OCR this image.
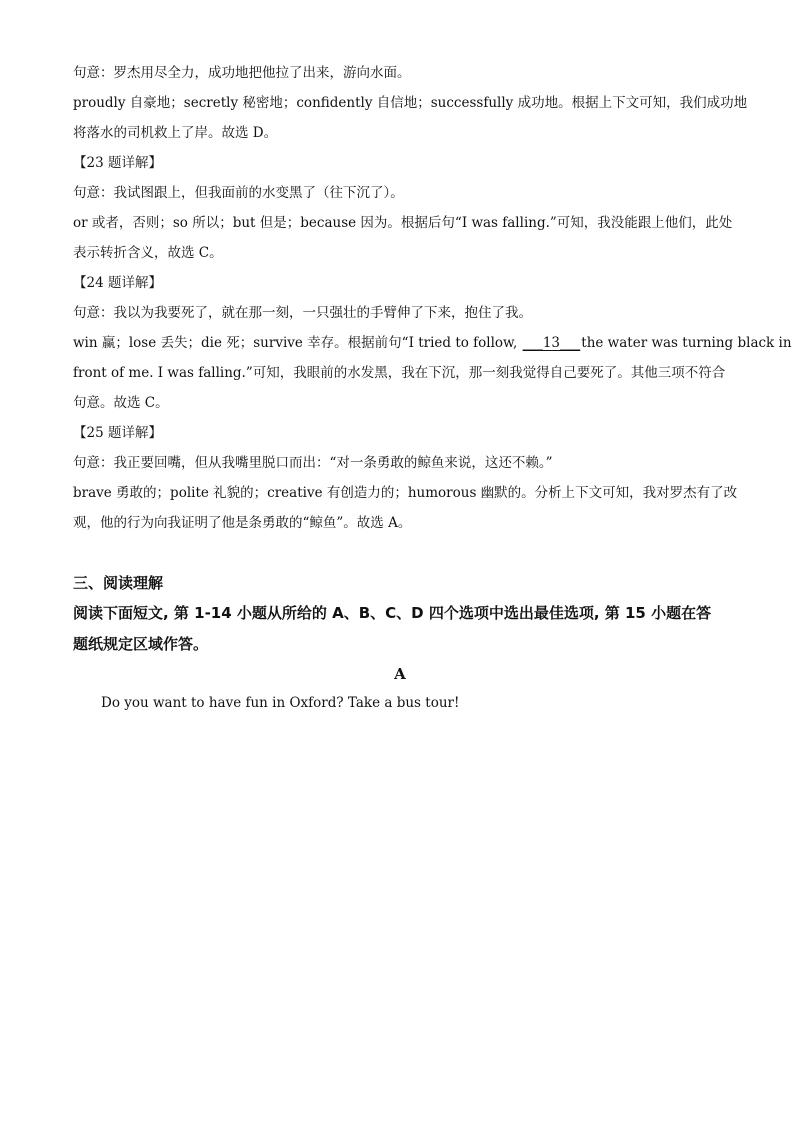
句意：罗杰用尽全力，成功地把他拉了出来，游向水面。
proudly 自豪地；secretly 秘密地；confidently 自信地；successfully 成功地。根据上下文可知，我们成功地
将落水的司机救上了岸。故选 D。
【23 题详解】
句意：我试图跟上，但我面前的水变黑了（往下沉了）。
or 或者，否则；so 所以；but 但是；because 因为。根据后句“I was falling.”可知，我没能跟上他们，此处
表示转折含义，故选 C。
【24 题详解】
句意：我以为我要死了，就在那一刻，一只强壮的手臂伸了下来，抱住了我。
win 赢；lose 丢失；die 死；survive 幸存。根据前句“I tried to follow, ___13___the water was turning black in
front of me. I was falling.”可知，我眼前的水发黑，我在下沉，那一刻我觉得自己要死了。其他三项不符合
句意。故选 C。
【25 题详解】
句意：我正要回嘴，但从我嘴里脱口而出：“对一条勇敢的鲸鱼来说，这还不赖。”
brave 勇敢的；polite 礼貌的；creative 有创造力的；humorous 幽默的。分析上下文可知，我对罗杰有了改
观，他的行为向我证明了他是条勇敢的“鲸鱼”。故选 A。
三、阅读理解
阅读下面短文, 第 1-14 小题从所给的 A、B、C、D 四个选项中选出最佳选项, 第 15 小题在答
题纸规定区域作答。
A
Do you want to have fun in Oxford? Take a bus tour!
